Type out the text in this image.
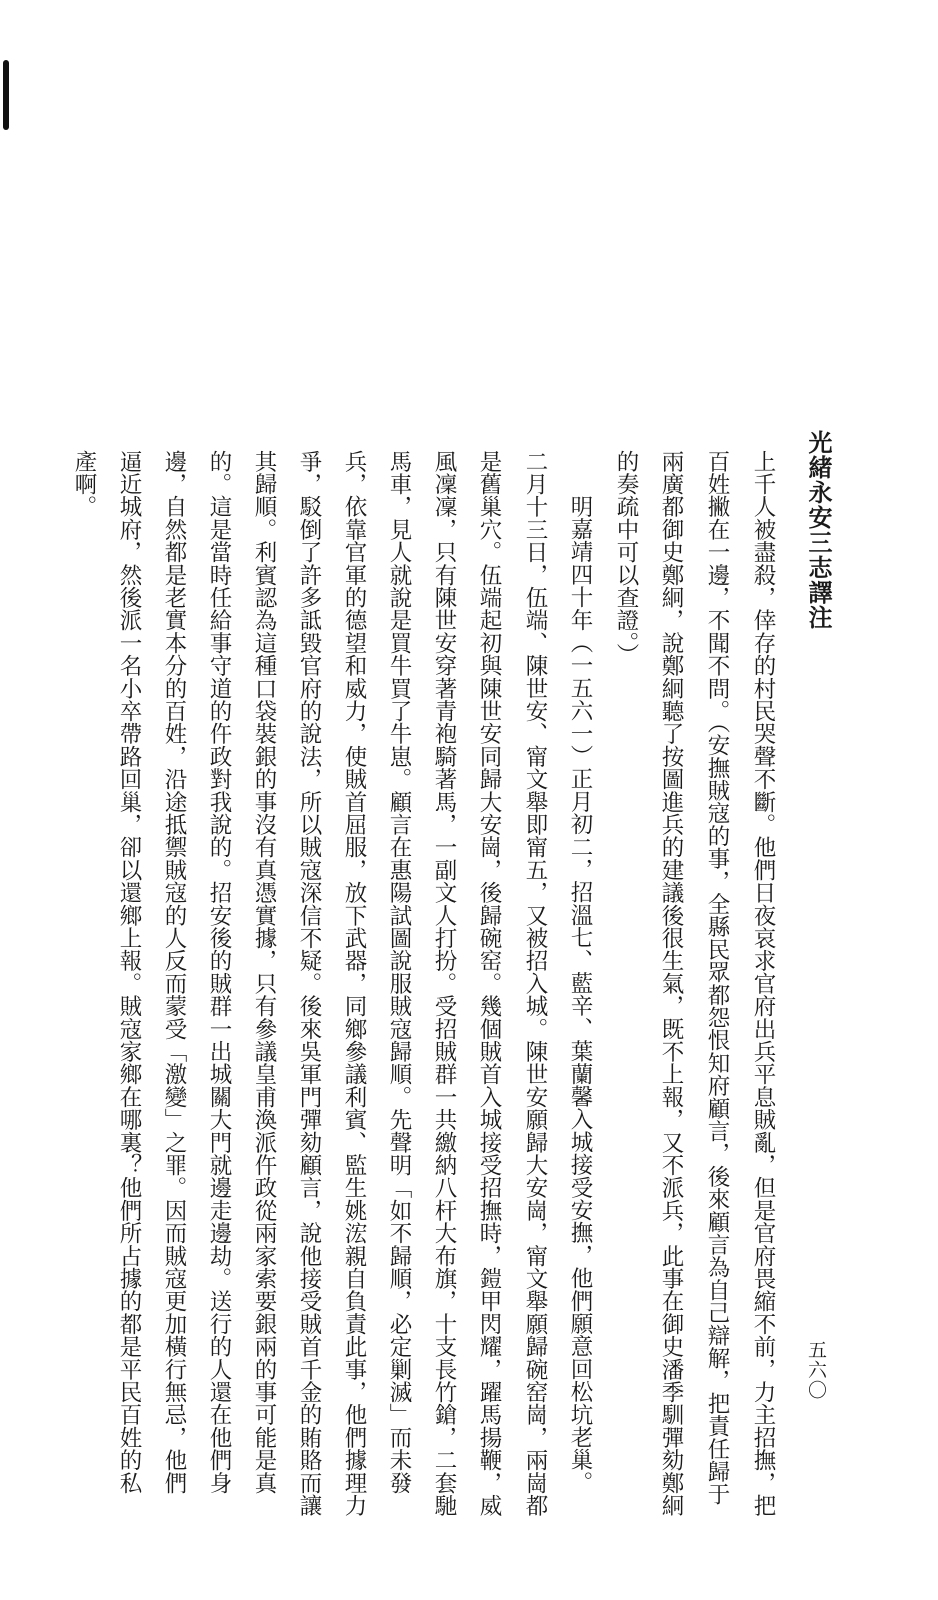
光緒永安三志譯注
五六〇
上千人被盡殺，倖存的村民哭聲不斷。他們日夜哀求官府出兵平息賊亂，但是官府畏縮不前，力主招撫，把
百姓撇在一邊，不聞不問。（安撫賊寇的事，全縣民眾都怨恨知府顧言，後來顧言為自己辯解，把責任歸于
兩廣都御史鄭絅，說鄭絅聽了按圖進兵的建議後很生氣，既不上報，又不派兵，此事在御史潘季馴彈劾鄭絅
的奏疏中可以查證。）
明嘉靖四十年（一五六一）正月初二，招溫七、藍辛、葉蘭馨入城接受安撫，他們願意回松坑老巢。
二月十三日，伍端、陳世安、甯文舉即甯五，又被招入城。陳世安願歸大安崗，甯文舉願歸碗窑崗，兩崗都
是舊巢穴。伍端起初與陳世安同歸大安崗，後歸碗窑。幾個賊首入城接受招撫時，鎧甲閃耀，躍馬揚鞭，威
風凜凜，只有陳世安穿著青袍騎著馬，一副文人打扮。受招賊群一共繳納八杆大布旗，十支長竹鎗，二套馳
馬車，見人就說是買牛買了牛崽。顧言在惠陽試圖說服賊寇歸順。先聲明「如不歸順，必定剿滅」而未發
兵，依靠官軍的德望和威力，使賊首屈服，放下武器，同鄉參議利賓、監生姚浤親自負責此事，他們據理力
爭，駁倒了許多詆毀官府的說法，所以賊寇深信不疑。後來吳軍門彈劾顧言，說他接受賊首千金的賄賂而讓
其歸順。利賓認為這種口袋裝銀的事沒有真憑實據，只有參議皇甫渙派仵政從兩家索要銀兩的事可能是真
的。這是當時任給事守道的仵政對我說的。招安後的賊群一出城關大門就邊走邊劫。送行的人還在他們身
邊，自然都是老實本分的百姓，沿途抵禦賊寇的人反而蒙受「激變」之罪。因而賊寇更加橫行無忌，他們
逼近城府，然後派一名小卒帶路回巢，卻以還鄉上報。賊寇家鄉在哪裏？他們所占據的都是平民百姓的私
產啊。
